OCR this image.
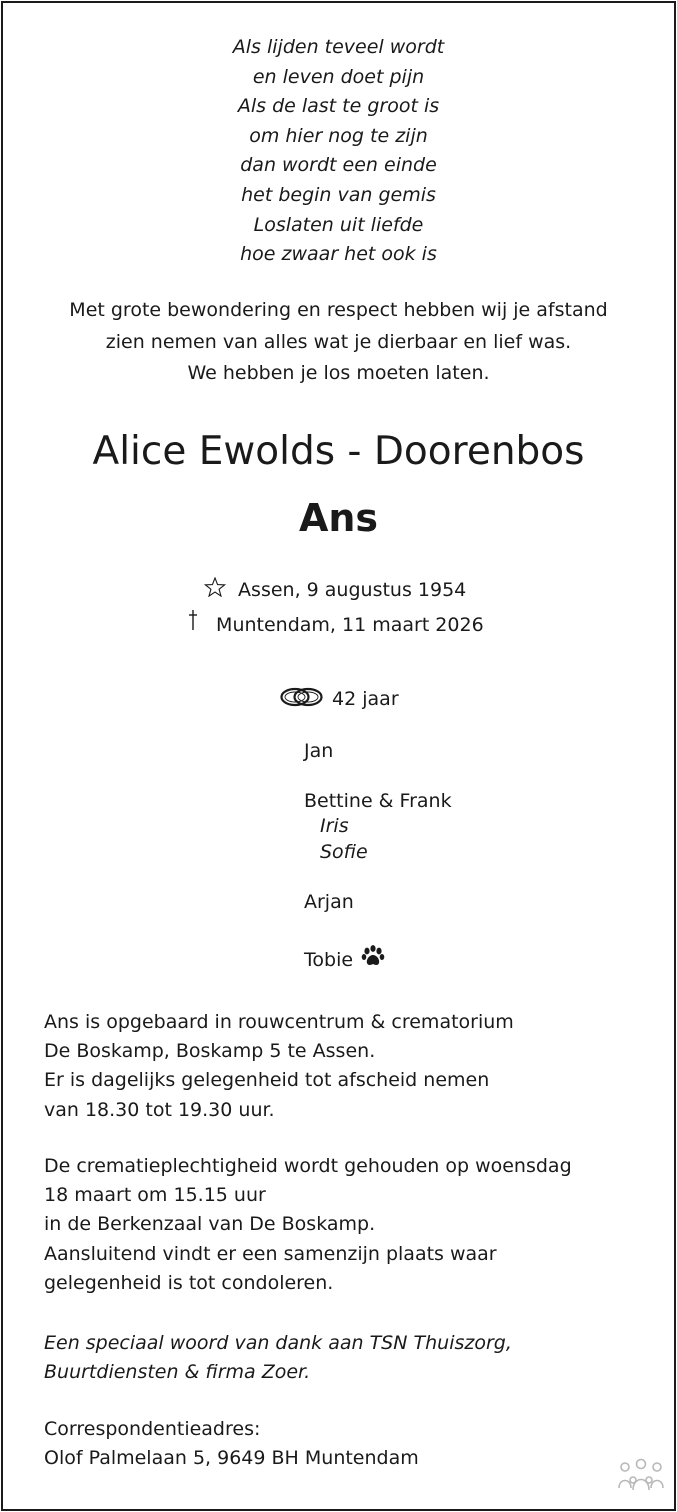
Als lijden teveel wordt
en leven doet pijn
Als de last te groot is
om hier nog te zijn
dan wordt een einde
het begin van gemis
Loslaten uit liefde
hoe zwaar het ook is
Met grote bewondering en respect hebben wij je afstand
zien nemen van alles wat je dierbaar en lief was.
We hebben je los moeten laten.
Alice Ewolds - Doorenbos
Ans
Assen, 9 augustus 1954
Muntendam, 11 maart 2026
42 jaar
Jan
Bettine & Frank
Iris
Sofie
Arjan
Tobie
Ans is opgebaard in rouwcentrum & crematorium
De Boskamp, Boskamp 5 te Assen.
Er is dagelijks gelegenheid tot afscheid nemen
van 18.30 tot 19.30 uur.
De crematieplechtigheid wordt gehouden op woensdag
18 maart om 15.15 uur
in de Berkenzaal van De Boskamp.
Aansluitend vindt er een samenzijn plaats waar
gelegenheid is tot condoleren.
Een speciaal woord van dank aan TSN Thuiszorg,
Buurtdiensten & firma Zoer.
Correspondentieadres:
Olof Palmelaan 5, 9649 BH Muntendam
